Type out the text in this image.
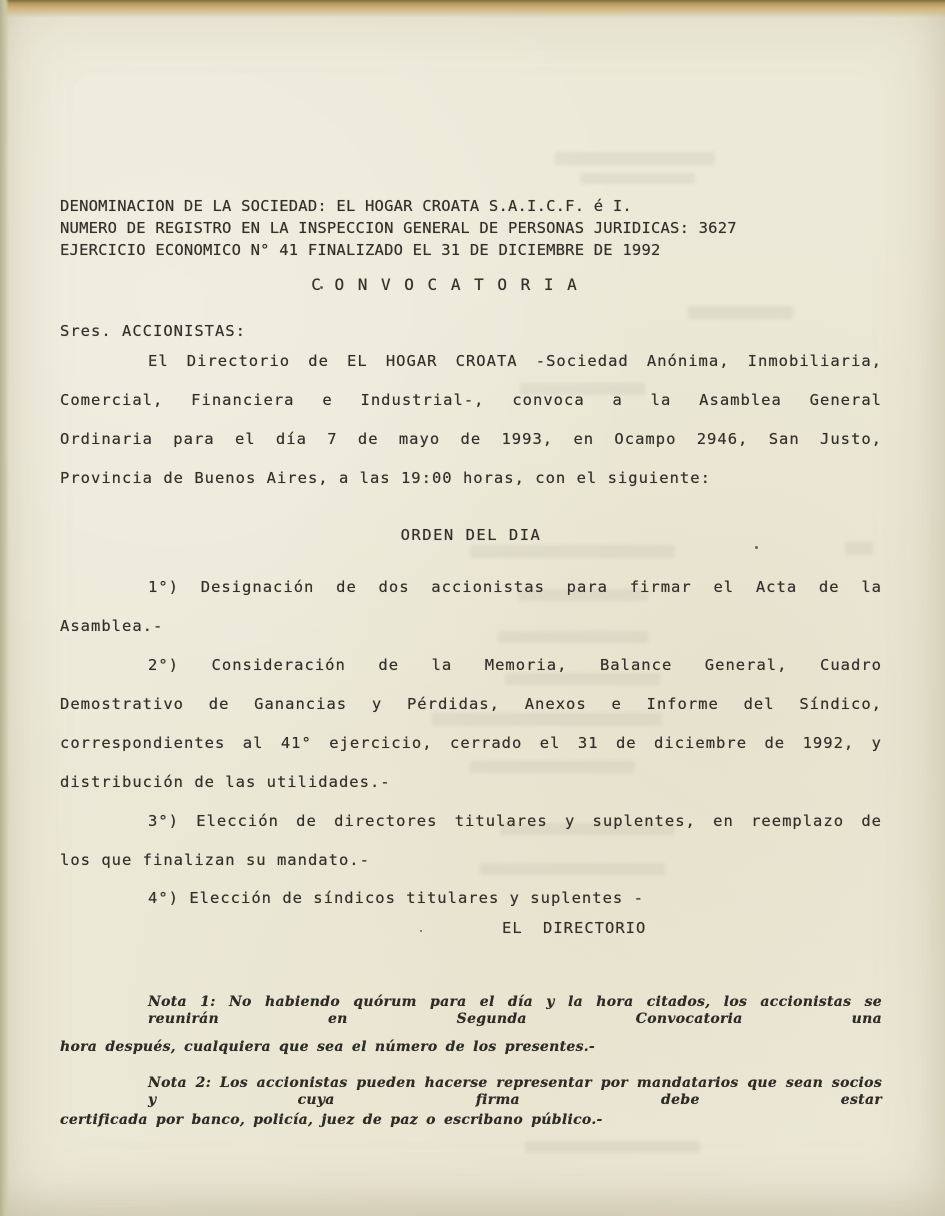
DENOMINACION DE LA SOCIEDAD: EL HOGAR CROATA S.A.I.C.F. é I.
NUMERO DE REGISTRO EN LA INSPECCION GENERAL DE PERSONAS JURIDICAS: 3627
EJERCICIO ECONOMICO N° 41 FINALIZADO EL 31 DE DICIEMBRE DE 1992
C O N V O C A T O R I A
Sres. ACCIONISTAS:
El Directorio de EL HOGAR CROATA -Sociedad Anónima, Inmobiliaria,
Comercial, Financiera e Industrial-, convoca a la Asamblea General
Ordinaria para el día 7 de mayo de 1993, en Ocampo 2946, San Justo,
Provincia de Buenos Aires, a las 19:00 horas, con el siguiente:
ORDEN DEL DIA
1°) Designación de dos accionistas para firmar el Acta de la
Asamblea.-
2°) Consideración de la Memoria, Balance General, Cuadro
Demostrativo de Ganancias y Pérdidas, Anexos e Informe del Síndico,
correspondientes al 41° ejercicio, cerrado el 31 de diciembre de 1992, y
distribución de las utilidades.-
3°) Elección de directores titulares y suplentes, en reemplazo de
los que finalizan su mandato.-
4°) Elección de síndicos titulares y suplentes -
EL DIRECTORIO
Nota 1: No habiendo quórum para el día y la hora citados, los accionistas se reunirán en Segunda Convocatoria una
hora después, cualquiera que sea el número de los presentes.-
Nota 2: Los accionistas pueden hacerse representar por mandatarios que sean socios y cuya firma debe estar
certificada por banco, policía, juez de paz o escribano público.-
